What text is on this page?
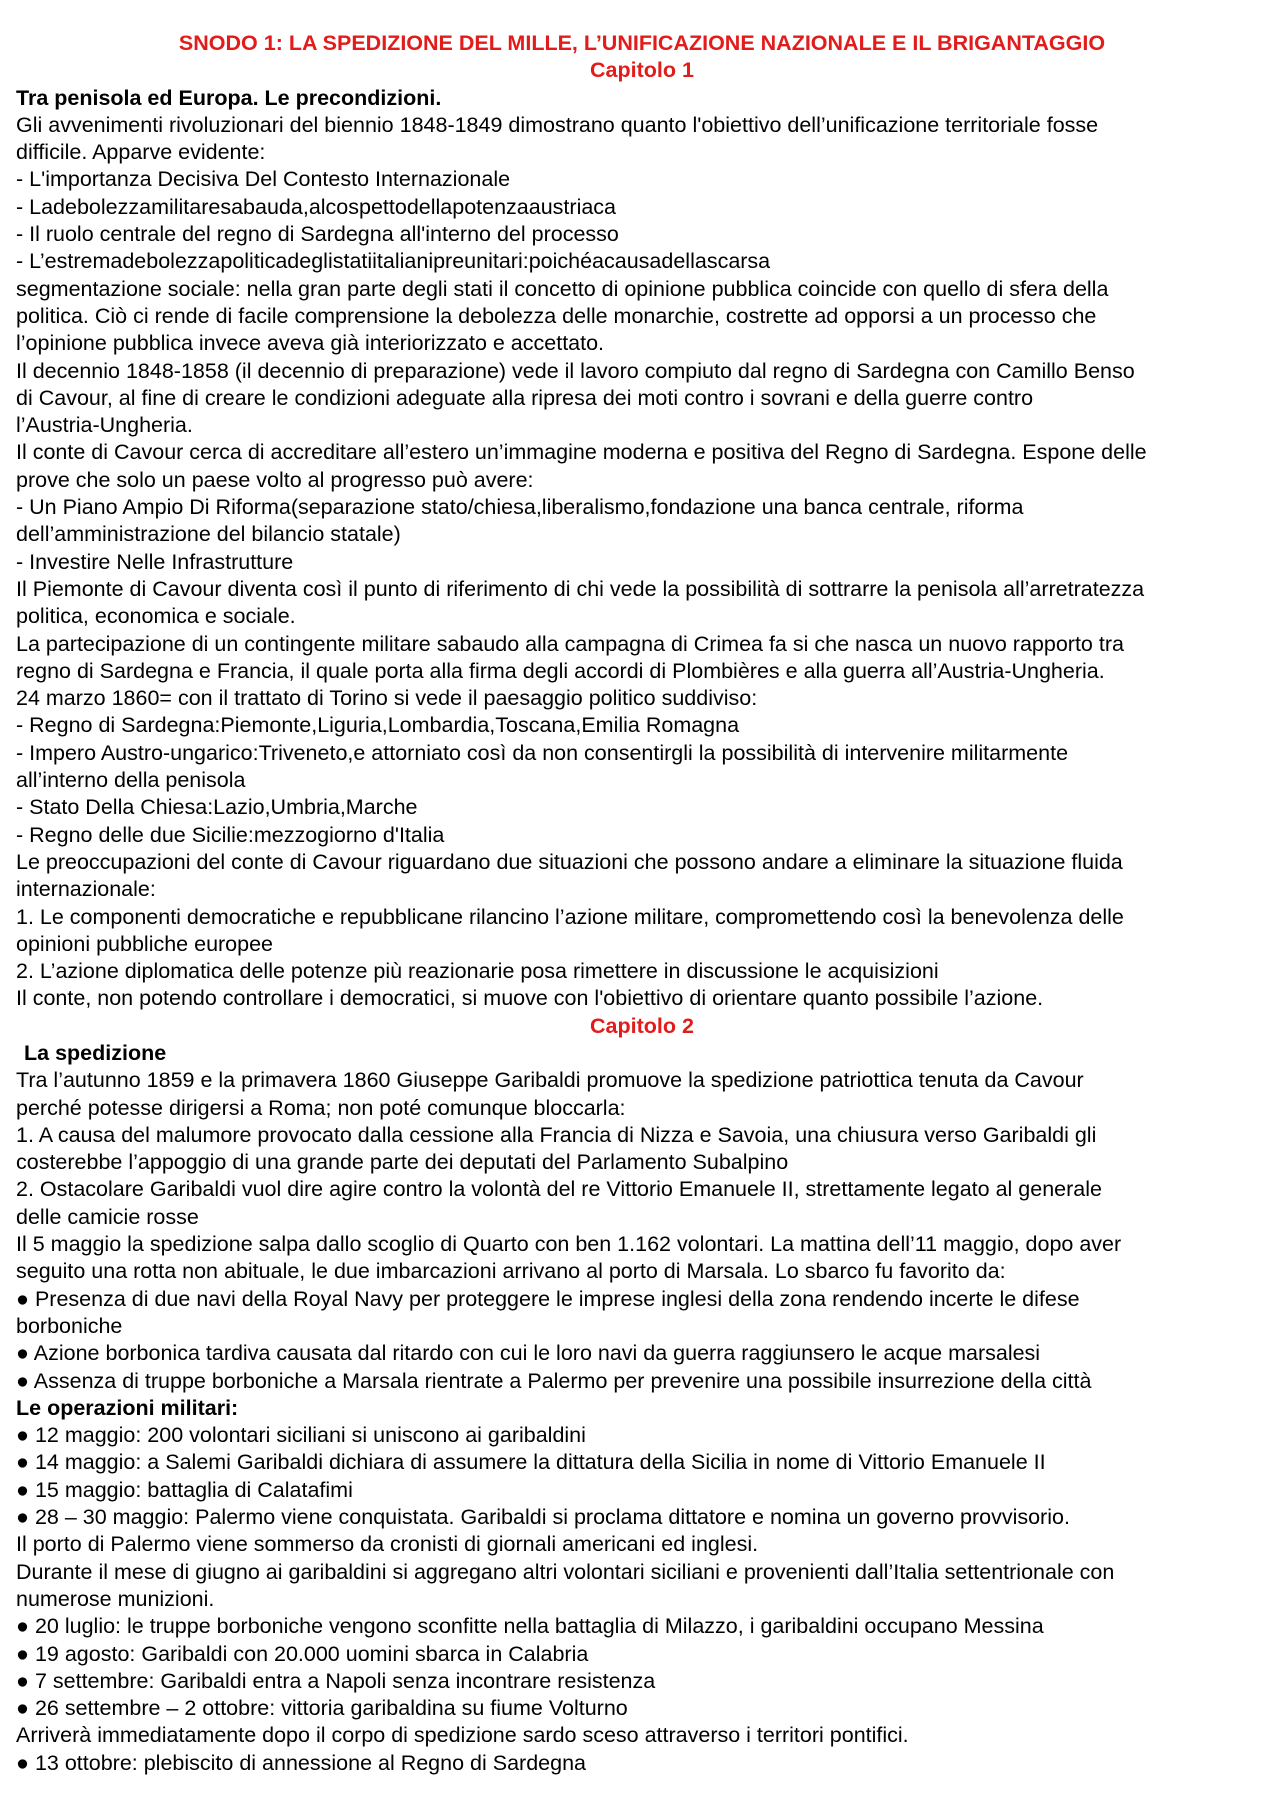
SNODO 1: LA SPEDIZIONE DEL MILLE, L’UNIFICAZIONE NAZIONALE E IL BRIGANTAGGIO
Capitolo 1
Tra penisola ed Europa. Le precondizioni.
Gli avvenimenti rivoluzionari del biennio 1848-1849 dimostrano quanto l'obiettivo dell’unificazione territoriale fosse
difficile. Apparve evidente:
- L'importanza Decisiva Del Contesto Internazionale
- Ladebolezzamilitaresabauda,alcospettodellapotenzaaustriaca
- Il ruolo centrale del regno di Sardegna all'interno del processo
- L’estremadebolezzapoliticadeglistatiitalianipreunitari:poichéacausadellascarsa
segmentazione sociale: nella gran parte degli stati il concetto di opinione pubblica coincide con quello di sfera della
politica. Ciò ci rende di facile comprensione la debolezza delle monarchie, costrette ad opporsi a un processo che
l’opinione pubblica invece aveva già interiorizzato e accettato.
Il decennio 1848-1858 (il decennio di preparazione) vede il lavoro compiuto dal regno di Sardegna con Camillo Benso
di Cavour, al fine di creare le condizioni adeguate alla ripresa dei moti contro i sovrani e della guerre contro
l’Austria-Ungheria.
Il conte di Cavour cerca di accreditare all’estero un’immagine moderna e positiva del Regno di Sardegna. Espone delle
prove che solo un paese volto al progresso può avere:
- Un Piano Ampio Di Riforma(separazione stato/chiesa,liberalismo,fondazione una banca centrale, riforma
dell’amministrazione del bilancio statale)
- Investire Nelle Infrastrutture
Il Piemonte di Cavour diventa così il punto di riferimento di chi vede la possibilità di sottrarre la penisola all’arretratezza
politica, economica e sociale.
La partecipazione di un contingente militare sabaudo alla campagna di Crimea fa si che nasca un nuovo rapporto tra
regno di Sardegna e Francia, il quale porta alla firma degli accordi di Plombières e alla guerra all’Austria-Ungheria.
24 marzo 1860= con il trattato di Torino si vede il paesaggio politico suddiviso:
- Regno di Sardegna:Piemonte,Liguria,Lombardia,Toscana,Emilia Romagna
- Impero Austro-ungarico:Triveneto,e attorniato così da non consentirgli la possibilità di intervenire militarmente
all’interno della penisola
- Stato Della Chiesa:Lazio,Umbria,Marche
- Regno delle due Sicilie:mezzogiorno d'Italia
Le preoccupazioni del conte di Cavour riguardano due situazioni che possono andare a eliminare la situazione fluida
internazionale:
1. Le componenti democratiche e repubblicane rilancino l’azione militare, compromettendo così la benevolenza delle
opinioni pubbliche europee
2. L’azione diplomatica delle potenze più reazionarie posa rimettere in discussione le acquisizioni
Il conte, non potendo controllare i democratici, si muove con l'obiettivo di orientare quanto possibile l’azione.
Capitolo 2
La spedizione
Tra l’autunno 1859 e la primavera 1860 Giuseppe Garibaldi promuove la spedizione patriottica tenuta da Cavour
perché potesse dirigersi a Roma; non poté comunque bloccarla:
1. A causa del malumore provocato dalla cessione alla Francia di Nizza e Savoia, una chiusura verso Garibaldi gli
costerebbe l’appoggio di una grande parte dei deputati del Parlamento Subalpino
2. Ostacolare Garibaldi vuol dire agire contro la volontà del re Vittorio Emanuele II, strettamente legato al generale
delle camicie rosse
Il 5 maggio la spedizione salpa dallo scoglio di Quarto con ben 1.162 volontari. La mattina dell’11 maggio, dopo aver
seguito una rotta non abituale, le due imbarcazioni arrivano al porto di Marsala. Lo sbarco fu favorito da:
● Presenza di due navi della Royal Navy per proteggere le imprese inglesi della zona rendendo incerte le difese
borboniche
● Azione borbonica tardiva causata dal ritardo con cui le loro navi da guerra raggiunsero le acque marsalesi
● Assenza di truppe borboniche a Marsala rientrate a Palermo per prevenire una possibile insurrezione della città
Le operazioni militari:
● 12 maggio: 200 volontari siciliani si uniscono ai garibaldini
● 14 maggio: a Salemi Garibaldi dichiara di assumere la dittatura della Sicilia in nome di Vittorio Emanuele II
● 15 maggio: battaglia di Calatafimi
● 28 – 30 maggio: Palermo viene conquistata. Garibaldi si proclama dittatore e nomina un governo provvisorio.
Il porto di Palermo viene sommerso da cronisti di giornali americani ed inglesi.
Durante il mese di giugno ai garibaldini si aggregano altri volontari siciliani e provenienti dall’Italia settentrionale con
numerose munizioni.
● 20 luglio: le truppe borboniche vengono sconfitte nella battaglia di Milazzo, i garibaldini occupano Messina
● 19 agosto: Garibaldi con 20.000 uomini sbarca in Calabria
● 7 settembre: Garibaldi entra a Napoli senza incontrare resistenza
● 26 settembre – 2 ottobre: vittoria garibaldina su fiume Volturno
Arriverà immediatamente dopo il corpo di spedizione sardo sceso attraverso i territori pontifici.
● 13 ottobre: plebiscito di annessione al Regno di Sardegna
